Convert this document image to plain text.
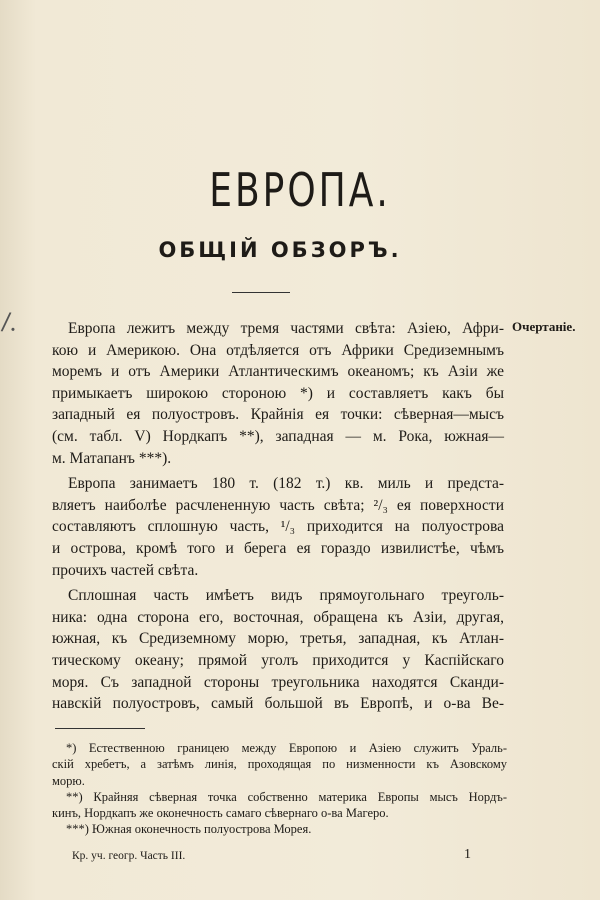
ЕВРОПА.
ОБЩІЙ ОБЗОРЪ.
/.	Очертаніе.
Европа лежитъ между тремя частями свѣта: Азіею, Афри-
кою и Америкою. Она отдѣляется отъ Африки Средиземнымъ
моремъ и отъ Америки Атлантическимъ океаномъ; къ Азіи же
примыкаетъ широкою стороною *) и составляетъ какъ бы
западный ея полуостровъ. Крайнія ея точки: сѣверная—мысъ
(см. табл. V) Нордкапъ **), западная — м. Рока, южная—
м. Матапанъ ***).
Европа занимаетъ 180 т. (182 т.) кв. миль и предста-
вляетъ наиболѣе расчлененную часть свѣта; ²/₃ ея поверхности
составляютъ сплошную часть, ¹/₃ приходится на полуострова
и острова, кромѣ того и берега ея гораздо извилистѣе, чѣмъ
прочихъ частей свѣта.
Сплошная часть имѣетъ видъ прямоугольнаго треуголь-
ника: одна сторона его, восточная, обращена къ Азіи, другая,
южная, къ Средиземному морю, третья, западная, къ Атлан-
тическому океану; прямой уголъ приходится у Каспійскаго
моря. Съ западной стороны треугольника находятся Сканди-
навскій полуостровъ, самый большой въ Европѣ, и о-ва Ве-
*) Естественною границею между Европою и Азіею служитъ Ураль-
скій хребетъ, а затѣмъ линія, проходящая по низменности къ Азовскому
морю.
**) Крайняя сѣверная точка собственно материка Европы мысъ Нордъ-
кинъ, Нордкапъ же оконечность самаго сѣвернаго о-ва Магеро.
***) Южная оконечность полуострова Морея.
Кр. уч. геогр. Часть III.	1
